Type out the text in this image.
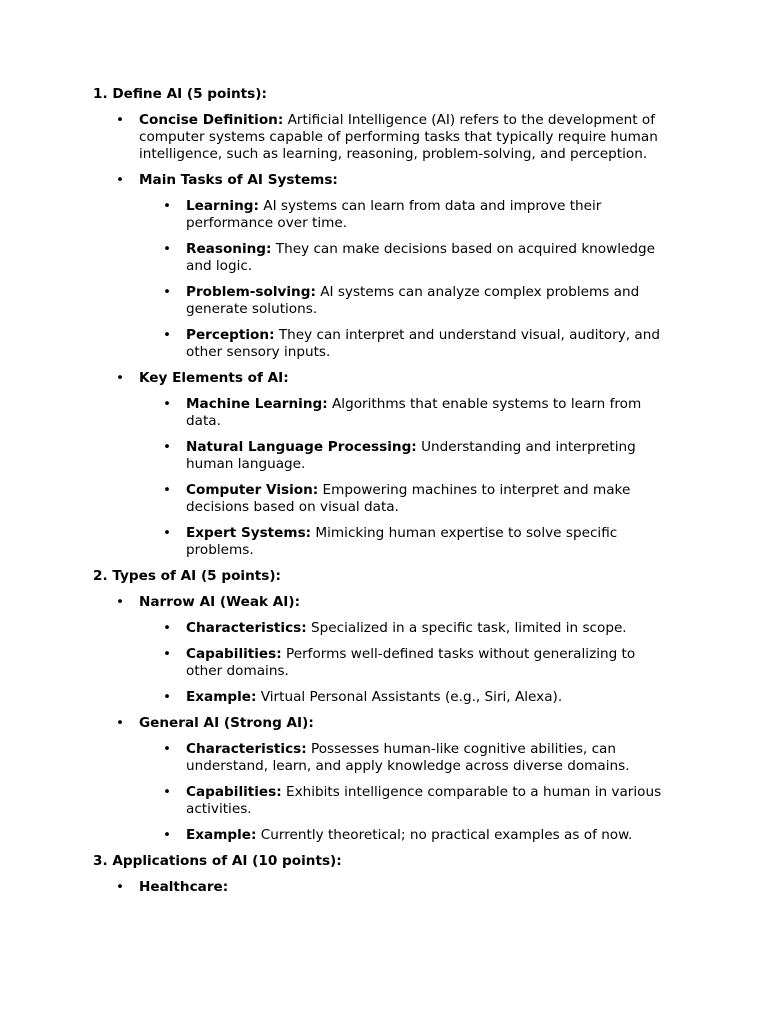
1. Define AI (5 points):
•
Concise Definition: Artificial Intelligence (AI) refers to the development of computer systems capable of performing tasks that typically require human intelligence, such as learning, reasoning, problem-solving, and perception.
•
Main Tasks of AI Systems:
•
Learning: AI systems can learn from data and improve their performance over time.
•
Reasoning: They can make decisions based on acquired knowledge and logic.
•
Problem-solving: AI systems can analyze complex problems and generate solutions.
•
Perception: They can interpret and understand visual, auditory, and other sensory inputs.
•
Key Elements of AI:
•
Machine Learning: Algorithms that enable systems to learn from data.
•
Natural Language Processing: Understanding and interpreting human language.
•
Computer Vision: Empowering machines to interpret and make decisions based on visual data.
•
Expert Systems: Mimicking human expertise to solve specific problems.
2. Types of AI (5 points):
•
Narrow AI (Weak AI):
•
Characteristics: Specialized in a specific task, limited in scope.
•
Capabilities: Performs well-defined tasks without generalizing to other domains.
•
Example: Virtual Personal Assistants (e.g., Siri, Alexa).
•
General AI (Strong AI):
•
Characteristics: Possesses human-like cognitive abilities, can understand, learn, and apply knowledge across diverse domains.
•
Capabilities: Exhibits intelligence comparable to a human in various activities.
•
Example: Currently theoretical; no practical examples as of now.
3. Applications of AI (10 points):
•
Healthcare:
